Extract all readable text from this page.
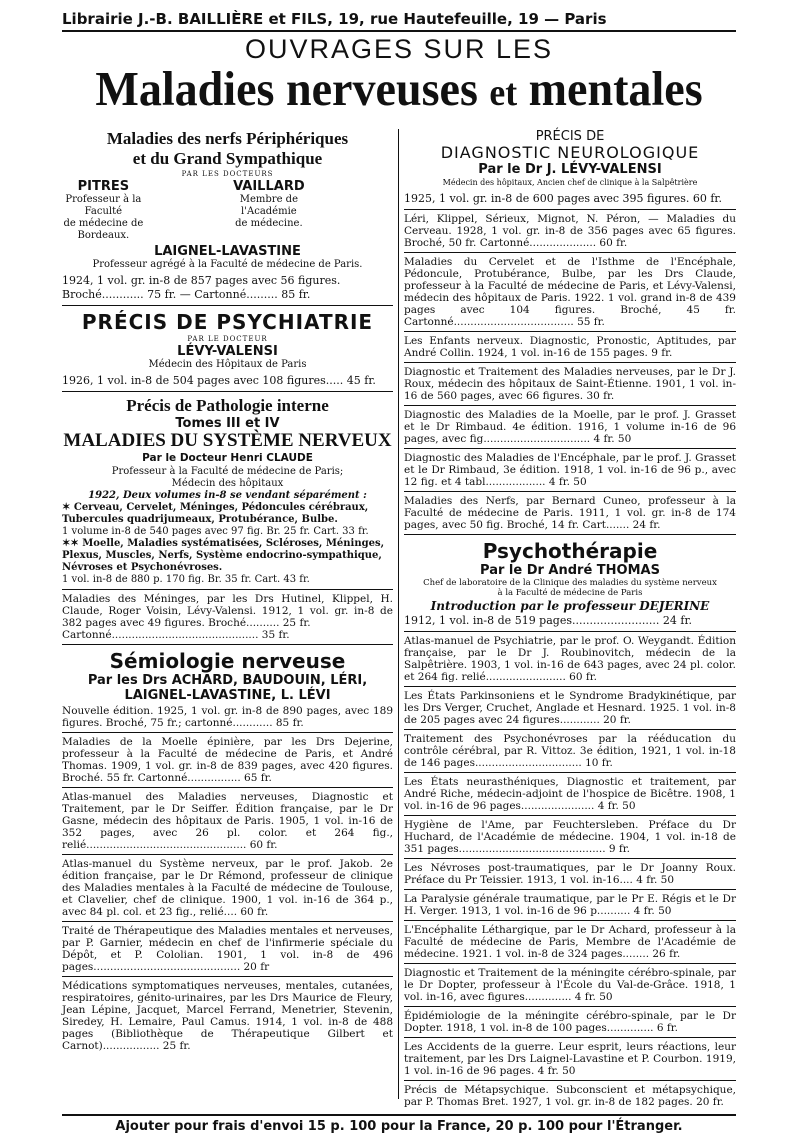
Librairie J.-B. BAILLIÈRE et FILS, 19, rue Hautefeuille, 19 — Paris
OUVRAGES SUR LES
Maladies nerveuses et mentales
Maladies des nerfs Périphériques
et du Grand Sympathique
PAR LES DOCTEURS
PITRES
Professeur à la Faculté
de médecine de Bordeaux.
VAILLARD
Membre de l'Académie
de médecine.
LAIGNEL-LAVASTINE
Professeur agrégé à la Faculté de médecine de Paris.
1924, 1 vol. gr. in-8 de 857 pages avec 56 figures.
Broché............ 75 fr. — Cartonné......... 85 fr.
PRÉCIS DE PSYCHIATRIE
PAR LE DOCTEUR
LÉVY-VALENSI
Médecin des Hôpitaux de Paris
1926, 1 vol. in-8 de 504 pages avec 108 figures..... 45 fr.
Précis de Pathologie interne
Tomes III et IV
MALADIES DU SYSTÈME NERVEUX
Par le Docteur Henri CLAUDE
Professeur à la Faculté de médecine de Paris;
Médecin des hôpitaux
1922, Deux volumes in-8 se vendant séparément :
✶ Cerveau, Cervelet, Méninges, Pédoncules cérébraux, Tubercules quadrijumeaux, Protubérance, Bulbe.
1 volume in-8 de 540 pages avec 97 fig. Br. 25 fr. Cart. 33 fr.
✶✶ Moelle, Maladies systématisées, Scléroses, Méninges, Plexus, Muscles, Nerfs, Système endocrino-sympathique, Névroses et Psychonévroses.
1 vol. in-8 de 880 p. 170 fig. Br. 35 fr. Cart. 43 fr.
Maladies des Méninges, par les Drs Hutinel, Klippel, H. Claude, Roger Voisin, Lévy-Valensi. 1912, 1 vol. gr. in-8 de 382 pages avec 49 figures. Broché.......... 25 fr.
Cartonné............................................ 35 fr.
Sémiologie nerveuse
Par les Drs ACHARD, BAUDOUIN, LÉRI,
LAIGNEL-LAVASTINE, L. LÉVI
Nouvelle édition. 1925, 1 vol. gr. in-8 de 890 pages, avec 189 figures. Broché, 75 fr.; cartonné............ 85 fr.
Maladies de la Moelle épinière, par les Drs Dejerine, professeur à la Faculté de médecine de Paris, et André Thomas. 1909, 1 vol. gr. in-8 de 839 pages, avec 420 figures. Broché. 55 fr. Cartonné................ 65 fr.
Atlas-manuel des Maladies nerveuses, Diagnostic et Traitement, par le Dr Seiffer. Édition française, par le Dr Gasne, médecin des hôpitaux de Paris. 1905, 1 vol. in-16 de 352 pages, avec 26 pl. color. et 264 fig., relié................................................ 60 fr.
Atlas-manuel du Système nerveux, par le prof. Jakob. 2e édition française, par le Dr Rémond, professeur de clinique des Maladies mentales à la Faculté de médecine de Toulouse, et Clavelier, chef de clinique. 1900, 1 vol. in-16 de 364 p., avec 84 pl. col. et 23 fig., relié.... 60 fr.
Traité de Thérapeutique des Maladies mentales et nerveuses, par P. Garnier, médecin en chef de l'infirmerie spéciale du Dépôt, et P. Cololian. 1901, 1 vol. in-8 de 496 pages............................................ 20 fr
Médications symptomatiques nerveuses, mentales, cutanées, respiratoires, génito-urinaires, par les Drs Maurice de Fleury, Jean Lépine, Jacquet, Marcel Ferrand, Menetrier, Stevenin, Siredey, H. Lemaire, Paul Camus. 1914, 1 vol. in-8 de 488 pages (Bibliothèque de Thérapeutique Gilbert et Carnot)................. 25 fr.
PRÉCIS DE
DIAGNOSTIC NEUROLOGIQUE
Par le Dr J. LÉVY-VALENSI
Médecin des hôpitaux, Ancien chef de clinique à la Salpêtrière
1925, 1 vol. gr. in-8 de 600 pages avec 395 figures. 60 fr.
Léri, Klippel, Sérieux, Mignot, N. Péron, — Maladies du Cerveau. 1928, 1 vol. gr. in-8 de 356 pages avec 65 figures. Broché, 50 fr. Cartonné.................... 60 fr.
Maladies du Cervelet et de l'Isthme de l'Encéphale, Pédoncule, Protubérance, Bulbe, par les Drs Claude, professeur à la Faculté de médecine de Paris, et Lévy-Valensi, médecin des hôpitaux de Paris. 1922. 1 vol. grand in-8 de 439 pages avec 104 figures. Broché, 45 fr. Cartonné.................................... 55 fr.
Les Enfants nerveux. Diagnostic, Pronostic, Aptitudes, par André Collin. 1924, 1 vol. in-16 de 155 pages. 9 fr.
Diagnostic et Traitement des Maladies nerveuses, par le Dr J. Roux, médecin des hôpitaux de Saint-Étienne. 1901, 1 vol. in-16 de 560 pages, avec 66 figures. 30 fr.
Diagnostic des Maladies de la Moelle, par le prof. J. Grasset et le Dr Rimbaud. 4e édition. 1916, 1 volume in-16 de 96 pages, avec fig................................ 4 fr. 50
Diagnostic des Maladies de l'Encéphale, par le prof. J. Grasset et le Dr Rimbaud, 3e édition. 1918, 1 vol. in-16 de 96 p., avec 12 fig. et 4 tabl.................. 4 fr. 50
Maladies des Nerfs, par Bernard Cuneo, professeur à la Faculté de médecine de Paris. 1911, 1 vol. gr. in-8 de 174 pages, avec 50 fig. Broché, 14 fr. Cart....... 24 fr.
Psychothérapie
Par le Dr André THOMAS
Chef de laboratoire de la Clinique des maladies du système nerveux
à la Faculté de médecine de Paris
Introduction par le professeur DEJERINE
1912, 1 vol. in-8 de 519 pages......................... 24 fr.
Atlas-manuel de Psychiatrie, par le prof. O. Weygandt. Édition française, par le Dr J. Roubinovitch, médecin de la Salpêtrière. 1903, 1 vol. in-16 de 643 pages, avec 24 pl. color. et 264 fig. relié........................ 60 fr.
Les États Parkinsoniens et le Syndrome Bradykinétique, par les Drs Verger, Cruchet, Anglade et Hesnard. 1925. 1 vol. in-8 de 205 pages avec 24 figures............ 20 fr.
Traitement des Psychonévroses par la rééducation du contrôle cérébral, par R. Vittoz. 3e édition, 1921, 1 vol. in-18 de 146 pages................................ 10 fr.
Les États neurasthéniques, Diagnostic et traitement, par André Riche, médecin-adjoint de l'hospice de Bicêtre. 1908, 1 vol. in-16 de 96 pages...................... 4 fr. 50
Hygiène de l'Ame, par Feuchtersleben. Préface du Dr Huchard, de l'Académie de médecine. 1904, 1 vol. in-18 de 351 pages............................................ 9 fr.
Les Névroses post-traumatiques, par le Dr Joanny Roux. Préface du Pr Teissier. 1913, 1 vol. in-16.... 4 fr. 50
La Paralysie générale traumatique, par le Pr E. Régis et le Dr H. Verger. 1913, 1 vol. in-16 de 96 p.......... 4 fr. 50
L'Encéphalite Léthargique, par le Dr Achard, professeur à la Faculté de médecine de Paris, Membre de l'Académie de médecine. 1921. 1 vol. in-8 de 324 pages........ 26 fr.
Diagnostic et Traitement de la méningite cérébro-spinale, par le Dr Dopter, professeur à l'École du Val-de-Grâce. 1918, 1 vol. in-16, avec figures.............. 4 fr. 50
Épidémiologie de la méningite cérébro-spinale, par le Dr Dopter. 1918, 1 vol. in-8 de 100 pages.............. 6 fr.
Les Accidents de la guerre. Leur esprit, leurs réactions, leur traitement, par les Drs Laignel-Lavastine et P. Courbon. 1919, 1 vol. in-16 de 96 pages. 4 fr. 50
Précis de Métapsychique. Subconscient et métapsychique, par P. Thomas Bret. 1927, 1 vol. gr. in-8 de 182 pages. 20 fr.
Ajouter pour frais d'envoi 15 p. 100 pour la France, 20 p. 100 pour l'Étranger.
